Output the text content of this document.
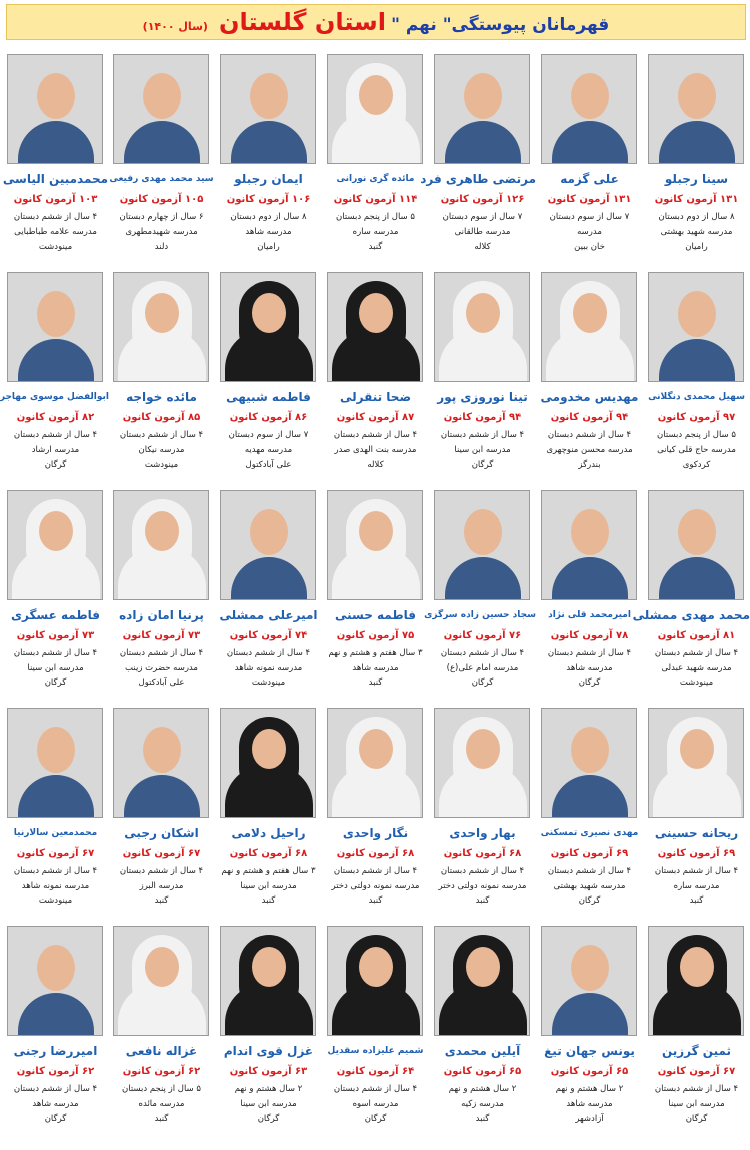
قهرمانان پیوستگی" نهم " استان گلستان (سال ۱۴۰۰)
سینا رجبلو
۱۳۱ آزمون کانون
۸ سال از دوم دبستان
مدرسه شهید بهشتی
رامیان
علی گزمه
۱۳۱ آزمون کانون
۷ سال از سوم دبستان
مدرسه
خان ببین
مرتضی طاهری فرد
۱۲۶ آزمون کانون
۷ سال از سوم دبستان
مدرسه طالقانی
کلاله
مائده گری نورانی
۱۱۴ آزمون کانون
۵ سال از پنجم دبستان
مدرسه ساره
گنبد
ایمان رجبلو
۱۰۶ آزمون کانون
۸ سال از دوم دبستان
مدرسه شاهد
رامیان
سید محمد مهدی رفیعی
۱۰۵ آزمون کانون
۶ سال از چهارم دبستان
مدرسه شهیدمطهری
دلند
محمدمبین الیاسی
۱۰۳ آزمون کانون
۴ سال از ششم دبستان
مدرسه علامه طباطبایی
مینودشت
سهیل محمدی دنگلانی
۹۷ آزمون کانون
۵ سال از پنجم دبستان
مدرسه حاج قلی کیانی
کردکوی
مهدیس مخدومی
۹۴ آزمون کانون
۴ سال از ششم دبستان
مدرسه محسن منوچهری
بندرگز
تینا نوروزی پور
۹۴ آزمون کانون
۴ سال از ششم دبستان
مدرسه ابن سینا
گرگان
ضحا تنقرلی
۸۷ آزمون کانون
۴ سال از ششم دبستان
مدرسه بنت الهدی صدر
کلاله
فاطمه شبیهی
۸۶ آزمون کانون
۷ سال از سوم دبستان
مدرسه مهدیه
علی آبادکتول
مائده خواجه
۸۵ آزمون کانون
۴ سال از ششم دبستان
مدرسه نیکان
مینودشت
ابوالفضل موسوی مهاجر
۸۲ آزمون کانون
۴ سال از ششم دبستان
مدرسه ارشاد
گرگان
محمد مهدی ممشلی
۸۱ آزمون کانون
۴ سال از ششم دبستان
مدرسه شهید عبدلی
مینودشت
امیرمحمد قلی نژاد
۷۸ آزمون کانون
۴ سال از ششم دبستان
مدرسه شاهد
گرگان
سجاد حسین زاده سرگزی
۷۶ آزمون کانون
۴ سال از ششم دبستان
مدرسه امام علی(ع)
گرگان
فاطمه حسنی
۷۵ آزمون کانون
۳ سال هفتم و هشتم و نهم
مدرسه شاهد
گنبد
امیرعلی ممشلی
۷۴ آزمون کانون
۴ سال از ششم دبستان
مدرسه نمونه شاهد
مینودشت
پرنیا امان زاده
۷۳ آزمون کانون
۴ سال از ششم دبستان
مدرسه حضرت زینب
علی آبادکتول
فاطمه عسگری
۷۳ آزمون کانون
۴ سال از ششم دبستان
مدرسه ابن سینا
گرگان
ریحانه حسینی
۶۹ آزمون کانون
۴ سال از ششم دبستان
مدرسه ساره
گنبد
مهدی نصیری تمسکنی
۶۹ آزمون کانون
۴ سال از ششم دبستان
مدرسه شهید بهشتی
گرگان
بهار واحدی
۶۸ آزمون کانون
۴ سال از ششم دبستان
مدرسه نمونه دولتی دختر
گنبد
نگار واحدی
۶۸ آزمون کانون
۴ سال از ششم دبستان
مدرسه نمونه دولتی دختر
گنبد
راحیل دلامی
۶۸ آزمون کانون
۳ سال هفتم و هشتم و نهم
مدرسه ابن سینا
گنبد
اشکان رجبی
۶۷ آزمون کانون
۴ سال از ششم دبستان
مدرسه البرز
گنبد
محمدمعین سالارنیا
۶۷ آزمون کانون
۴ سال از ششم دبستان
مدرسه نمونه شاهد
مینودشت
ثمین گرزین
۶۷ آزمون کانون
۴ سال از ششم دبستان
مدرسه ابن سینا
گرگان
یونس جهان تیغ
۶۵ آزمون کانون
۲ سال هشتم و نهم
مدرسه شاهد
آزادشهر
آیلین محمدی
۶۵ آزمون کانون
۲ سال هشتم و نهم
مدرسه زکیه
گنبد
شمیم علیزاده سقدیل
۶۴ آزمون کانون
۴ سال از ششم دبستان
مدرسه اسوه
گرگان
غزل قوی اندام
۶۳ آزمون کانون
۲ سال هشتم و نهم
مدرسه ابن سینا
گرگان
غزاله نافعی
۶۲ آزمون کانون
۵ سال از پنجم دبستان
مدرسه مائده
گنبد
امیررضا رجنی
۶۲ آزمون کانون
۴ سال از ششم دبستان
مدرسه شاهد
گرگان
